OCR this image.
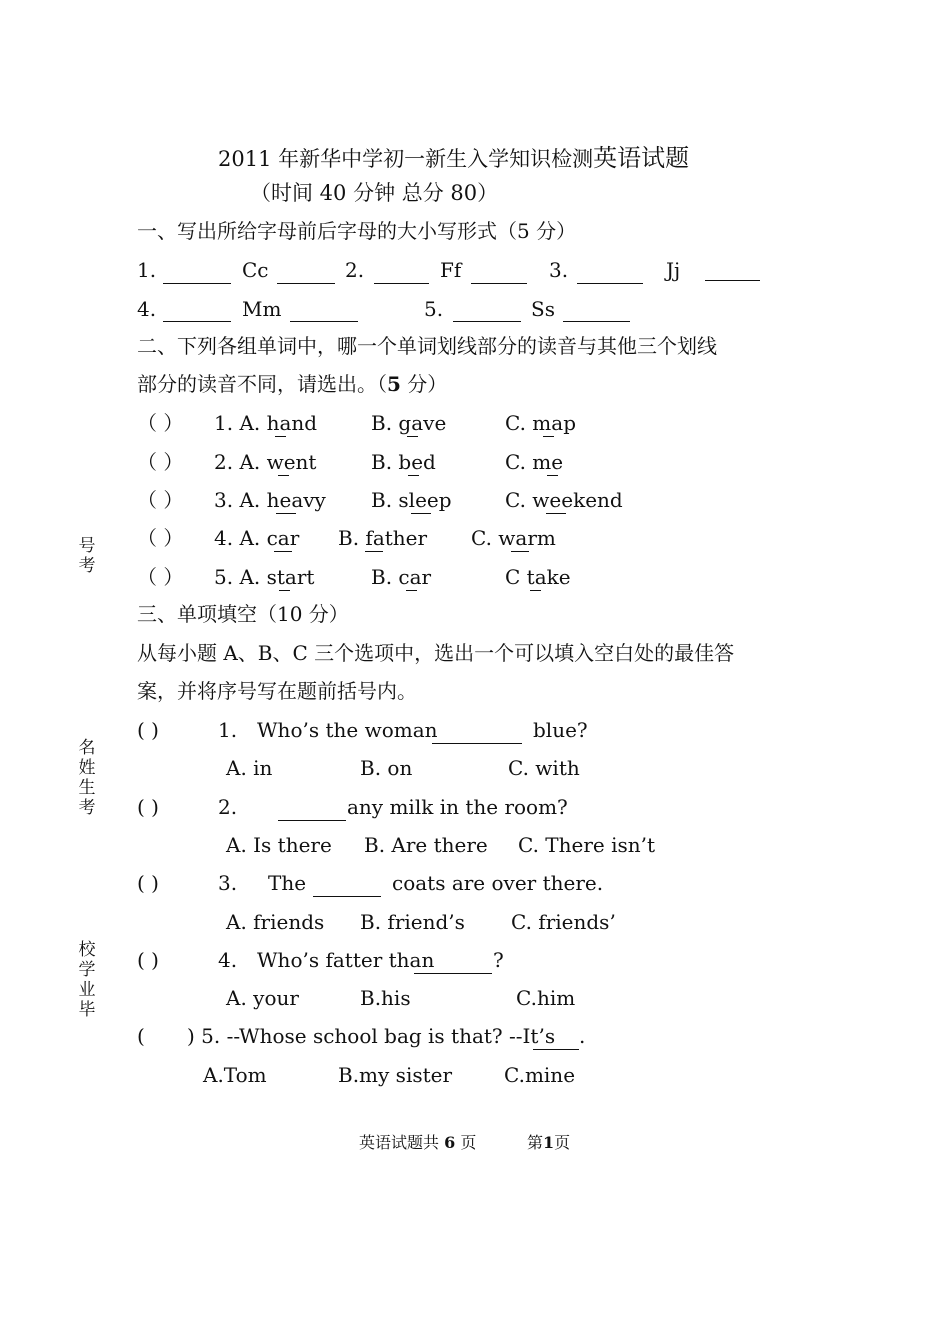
2011 年新华中学初一新生入学知识检测英语试题
（时间 40 分钟 总分 80）
一、写出所给字母前后字母的大小写形式（5 分）
1.	Cc	2.	Ff	3.	Jj
4.	Mm	5.	Ss
二、下列各组单词中，哪一个单词划线部分的读音与其他三个划线
部分的读音不同，请选出。（5 分）
（ ） 1. A. hand	B. gave	C. map
（ ） 2. A. went	B. bed	C. me
（ ） 3. A. heavy B. sleep	C. weekend
（ ） 4. A. car B. father C. warm
（ ） 5. A. start	B. car	C take
三、单项填空（10 分）
从每小题 A、B、C 三个选项中，选出一个可以填入空白处的最佳答
案，并将序号写在题前括号内。
( )	1. Who’s the woman	blue?
A. in	B. on	C. with
( )	2.	any milk in the room?
A. Is there B. Are there C. There isn’t
( )	3. The	coats are over there.
A. friends B. friend’s C. friends’
( )	4. Who’s fatter than	?
A. your	B.his	C.him
( ) 5. --Whose school bag is that? --It’s .
A.Tom	B.my sister	C.mine
号考
名姓生考
校学业毕
英语试题共 6 页	第1页
